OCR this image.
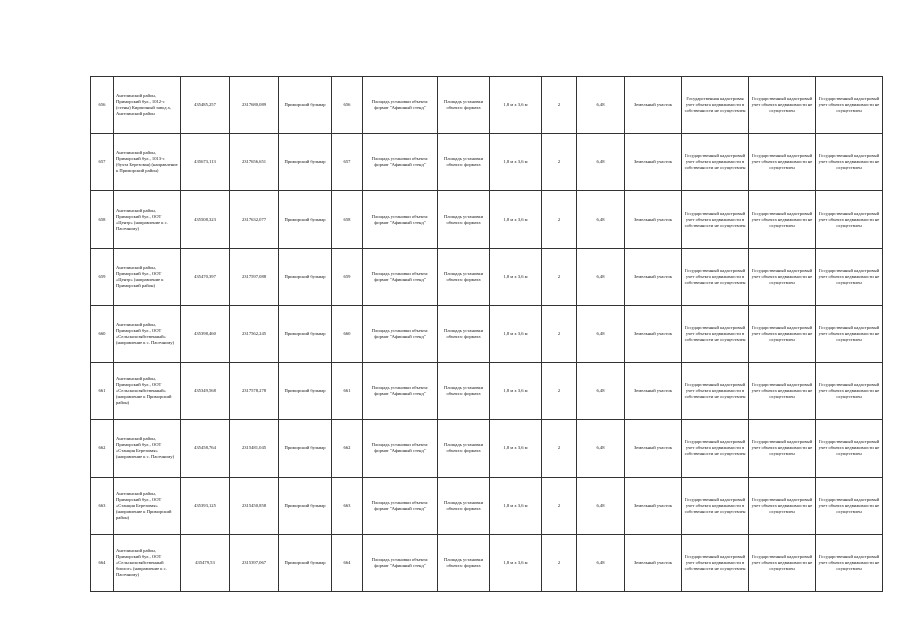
656	Ангелинский район, Приморский бул., 1012-с (стены) Кирпичный завод а, Ангелинский район	435485,257	2317680,089	Приморский бульвар	656	Площадь установки объекта: формат "Афишный стенд"	Площадь установки объекта: формата	1,8 м х 3,6 м	2	6,48	Земельный участок	Государственная кадастровая учет объекта недвижимости в собственности не осуществлен	Государственный кадастровый учет объекта недвижимости не осуществлен	Государственный кадастровый учет объекта недвижимости не осуществлен
657	Ангелинский район, Приморский бул., 1013-с (бухта Березовая) (направление к Приморский район)	435673,113	2317656,651	Приморский бульвар	657	Площадь установки объекта: формат "Афишный стенд"	Площадь установки объекта: формата	1,8 м х 3,6 м	2	6,48	Земельный участок	Государственный кадастровый учет объекта недвижимости в собственности не осуществлен	Государственный кадастровый учет объекта недвижимости не осуществлен	Государственный кадастровый учет объекта недвижимости не осуществлен
658	Ангелинский район, Приморский бул., ООТ «Центр» (направление к с. Пасечному)	435508,323	2317632,077	Приморский бульвар	658	Площадь установки объекта: формат "Афишный стенд"	Площадь установки объекта: формата	1,8 м х 3,6 м	2	6,48	Земельный участок	Государственный кадастровый учет объекта недвижимости в собственности не осуществлен	Государственный кадастровый учет объекта недвижимости не осуществлен	Государственный кадастровый учет объекта недвижимости не осуществлен
659	Ангелинский район, Приморский бул., ООТ «Центр» (направление к Приморский район)	435470,397	2317597,088	Приморский бульвар	659	Площадь установки объекта: формат "Афишный стенд"	Площадь установки объекта: формата	1,8 м х 3,6 м	2	6,48	Земельный участок	Государственный кадастровый учет объекта недвижимости в собственности не осуществлен	Государственный кадастровый учет объекта недвижимости не осуществлен	Государственный кадастровый учет объекта недвижимости не осуществлен
660	Ангелинский район, Приморский бул., ООТ «Сельскохозяйственный» (направление к с. Пасечному)	435398,460	2317562,245	Приморский бульвар	660	Площадь установки объекта: формат "Афишный стенд"	Площадь установки объекта: формата	1,8 м х 3,6 м	2	6,48	Земельный участок	Государственный кадастровый учет объекта недвижимости в собственности не осуществлен	Государственный кадастровый учет объекта недвижимости не осуществлен	Государственный кадастровый учет объекта недвижимости не осуществлен
661	Ангелинский район, Приморский бул., ООТ «Сельскохозяйственный» (направление к Приморский район)	435349,568	2317578,278	Приморский бульвар	661	Площадь установки объекта: формат "Афишный стенд"	Площадь установки объекта: формата	1,8 м х 3,6 м	2	6,48	Земельный участок	Государственный кадастровый учет объекта недвижимости в собственности не осуществлен	Государственный кадастровый учет объекта недвижимости не осуществлен	Государственный кадастровый учет объекта недвижимости не осуществлен
662	Ангелинский район, Приморский бул., ООТ «Станция Березовая» (направление к с. Пасечному)	435458,764	2315481,045	Приморский бульвар	662	Площадь установки объекта: формат "Афишный стенд"	Площадь установки объекта: формата	1,8 м х 3,6 м	2	6,48	Земельный участок	Государственный кадастровый учет объекта недвижимости в собственности не осуществлен	Государственный кадастровый учет объекта недвижимости не осуществлен	Государственный кадастровый учет объекта недвижимости не осуществлен
663	Ангелинский район, Приморский бул., ООТ «Станция Березовая» (направление к Приморский район)	435393,125	2315450,858	Приморский бульвар	663	Площадь установки объекта: формат "Афишный стенд"	Площадь установки объекта: формата	1,8 м х 3,6 м	2	6,48	Земельный участок	Государственный кадастровый учет объекта недвижимости в собственности не осуществлен	Государственный кадастровый учет объекта недвижимости не осуществлен	Государственный кадастровый учет объекта недвижимости не осуществлен
664	Ангелинский район, Приморский бул., ООТ «Сельскохозяйственный биолог» (направление к с. Пасечному)	435479,53	2315397,067	Приморский бульвар	664	Площадь установки объекта: формат "Афишный стенд"	Площадь установки объекта: формата	1,8 м х 3,6 м	2	6,48	Земельный участок	Государственный кадастровый учет объекта недвижимости в собственности не осуществлен	Государственный кадастровый учет объекта недвижимости не осуществлен	Государственный кадастровый учет объекта недвижимости не осуществлен
